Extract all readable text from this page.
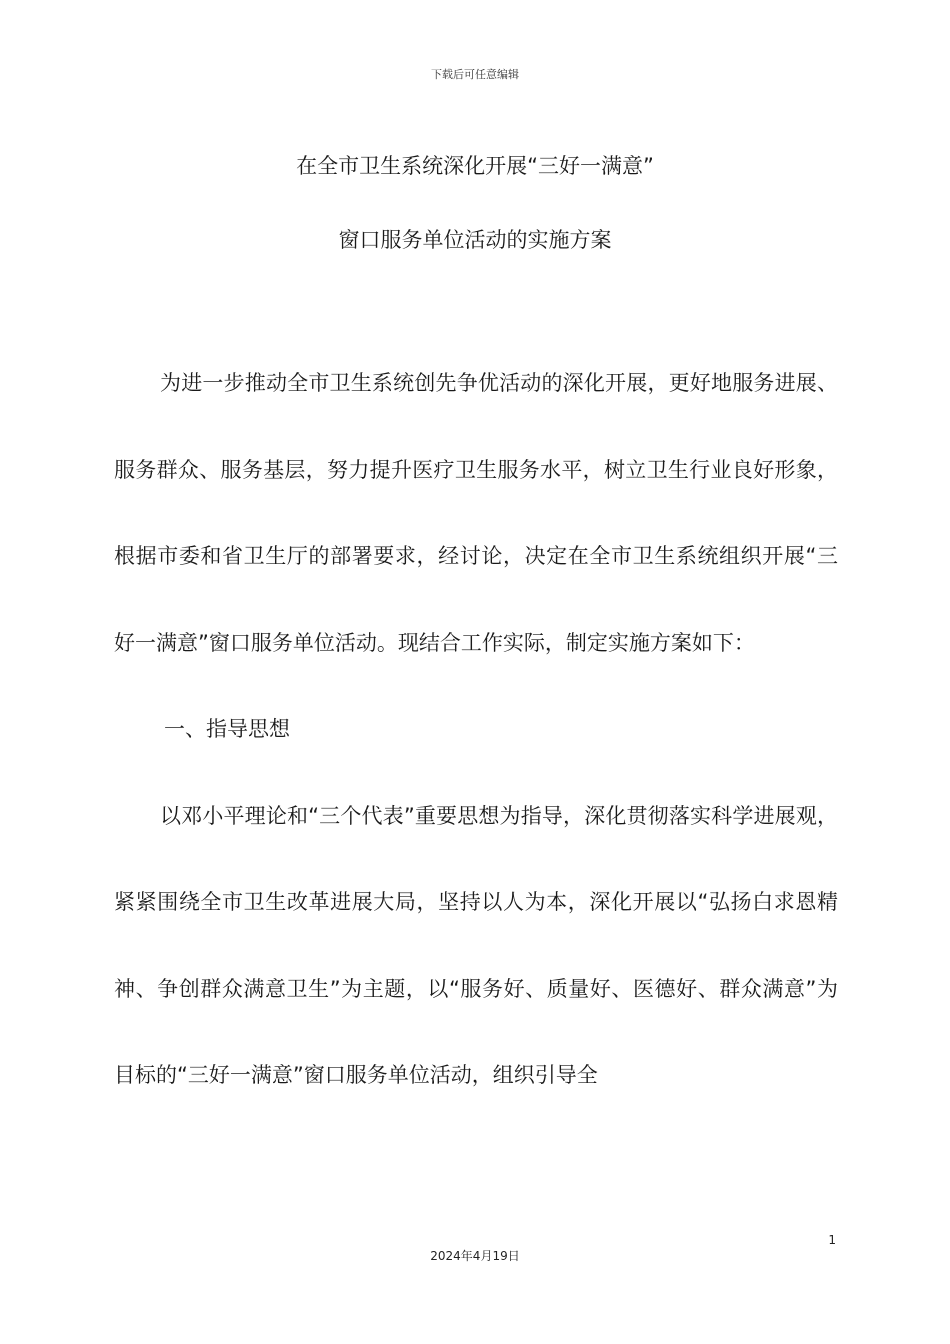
下载后可任意编辑
在全市卫生系统深化开展“三好一满意”
窗口服务单位活动的实施方案

为进一步推动全市卫生系统创先争优活动的深化开展，更好地服务进展、服务群众、服务基层，努力提升医疗卫生服务水平，树立卫生行业良好形象，根据市委和省卫生厅的部署要求，经讨论，决定在全市卫生系统组织开展“三好一满意”窗口服务单位活动。现结合工作实际，制定实施方案如下：

一、指导思想

以邓小平理论和“三个代表”重要思想为指导，深化贯彻落实科学进展观，紧紧围绕全市卫生改革进展大局，坚持以人为本，深化开展以“弘扬白求恩精神、争创群众满意卫生”为主题，以“服务好、质量好、医德好、群众满意”为目标的“三好一满意”窗口服务单位活动，组织引导全

1
2024年4月19日
